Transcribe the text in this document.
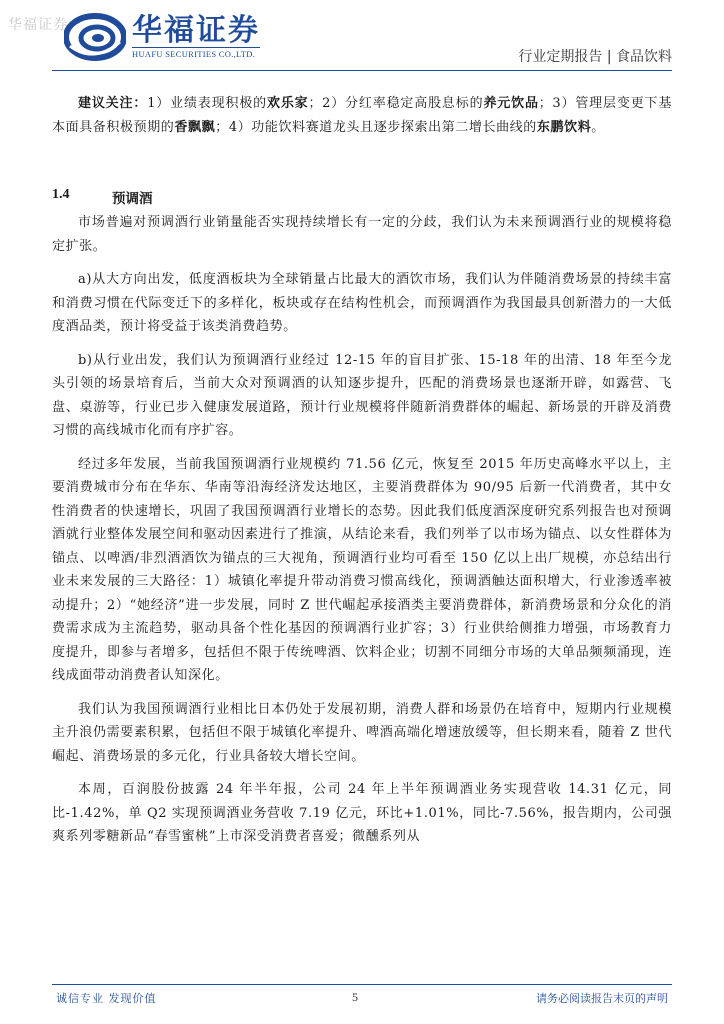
华福证券 华福证券
HUAFU SECURITIES CO.,LTD.	行业定期报告 | 食品饮料

建议关注：1）业绩表现积极的欢乐家；2）分红率稳定高股息标的养元饮品；3）管理层变更下基本面具备积极预期的香飘飘；4）功能饮料赛道龙头且逐步探索出第二增长曲线的东鹏饮料。

1.4	预调酒

市场普遍对预调酒行业销量能否实现持续增长有一定的分歧，我们认为未来预调酒行业的规模将稳定扩张。

a)从大方向出发，低度酒板块为全球销量占比最大的酒饮市场，我们认为伴随消费场景的持续丰富和消费习惯在代际变迁下的多样化，板块或存在结构性机会，而预调酒作为我国最具创新潜力的一大低度酒品类，预计将受益于该类消费趋势。

b)从行业出发，我们认为预调酒行业经过 12-15 年的盲目扩张、15-18 年的出清、18 年至今龙头引领的场景培育后，当前大众对预调酒的认知逐步提升，匹配的消费场景也逐渐开辟，如露营、飞盘、桌游等，行业已步入健康发展道路，预计行业规模将伴随新消费群体的崛起、新场景的开辟及消费习惯的高线城市化而有序扩容。

经过多年发展，当前我国预调酒行业规模约 71.56 亿元，恢复至 2015 年历史高峰水平以上，主要消费城市分布在华东、华南等沿海经济发达地区，主要消费群体为 90/95 后新一代消费者，其中女性消费者的快速增长，巩固了我国预调酒行业增长的态势。因此我们低度酒深度研究系列报告也对预调酒就行业整体发展空间和驱动因素进行了推演，从结论来看，我们列举了以市场为锚点、以女性群体为锚点、以啤酒/非烈酒酒饮为锚点的三大视角，预调酒行业均可看至 150 亿以上出厂规模，亦总结出行业未来发展的三大路径：1）城镇化率提升带动消费习惯高线化，预调酒触达面积增大，行业渗透率被动提升；2）“她经济”进一步发展，同时 Z 世代崛起承接酒类主要消费群体，新消费场景和分众化的消费需求成为主流趋势，驱动具备个性化基因的预调酒行业扩容；3）行业供给侧推力增强，市场教育力度提升，即参与者增多，包括但不限于传统啤酒、饮料企业；切割不同细分市场的大单品频频涌现，连线成面带动消费者认知深化。

我们认为我国预调酒行业相比日本仍处于发展初期，消费人群和场景仍在培育中，短期内行业规模主升浪仍需要素积累，包括但不限于城镇化率提升、啤酒高端化增速放缓等，但长期来看，随着 Z 世代崛起、消费场景的多元化，行业具备较大增长空间。

本周，百润股份披露 24 年半年报，公司 24 年上半年预调酒业务实现营收 14.31 亿元，同比-1.42%，单 Q2 实现预调酒业务营收 7.19 亿元，环比+1.01%，同比-7.56%，报告期内，公司强爽系列零糖新品“春雪蜜桃”上市深受消费者喜爱；微醺系列从

诚信专业 发现价值	5	请务必阅读报告末页的声明
